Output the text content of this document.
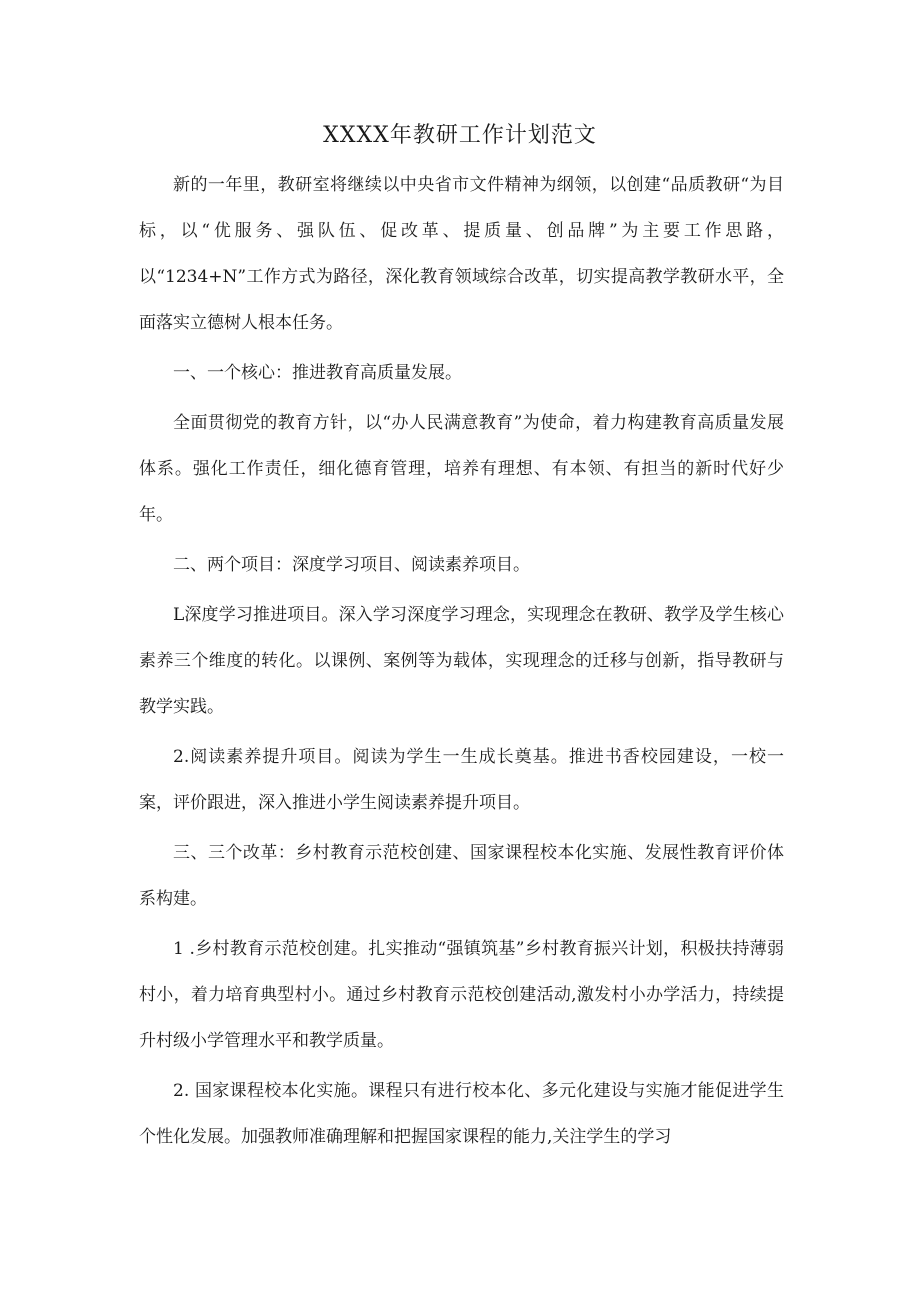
XXXX年教研工作计划范文

新的一年里，教研室将继续以中央省市文件精神为纲领，以创建“品质教研“为目标，以“优服务、强队伍、促改革、提质量、创品牌”为主要工作思路，以“1234+N”工作方式为路径，深化教育领域综合改革，切实提高教学教研水平，全面落实立德树人根本任务。

一、一个核心：推进教育高质量发展。

全面贯彻党的教育方针，以“办人民满意教育”为使命，着力构建教育高质量发展体系。强化工作责任，细化德育管理，培养有理想、有本领、有担当的新时代好少年。

二、两个项目：深度学习项目、阅读素养项目。

L深度学习推进项目。深入学习深度学习理念，实现理念在教研、教学及学生核心素养三个维度的转化。以课例、案例等为载体，实现理念的迁移与创新，指导教研与教学实践。

2.阅读素养提升项目。阅读为学生一生成长奠基。推进书香校园建设，一校一案，评价跟进，深入推进小学生阅读素养提升项目。

三、三个改革：乡村教育示范校创建、国家课程校本化实施、发展性教育评价体系构建。

1 .乡村教育示范校创建。扎实推动“强镇筑基”乡村教育振兴计划，积极扶持薄弱村小，着力培育典型村小。通过乡村教育示范校创建活动,激发村小办学活力，持续提升村级小学管理水平和教学质量。

2. 国家课程校本化实施。课程只有进行校本化、多元化建设与实施才能促进学生个性化发展。加强教师准确理解和把握国家课程的能力,关注学生的学习
